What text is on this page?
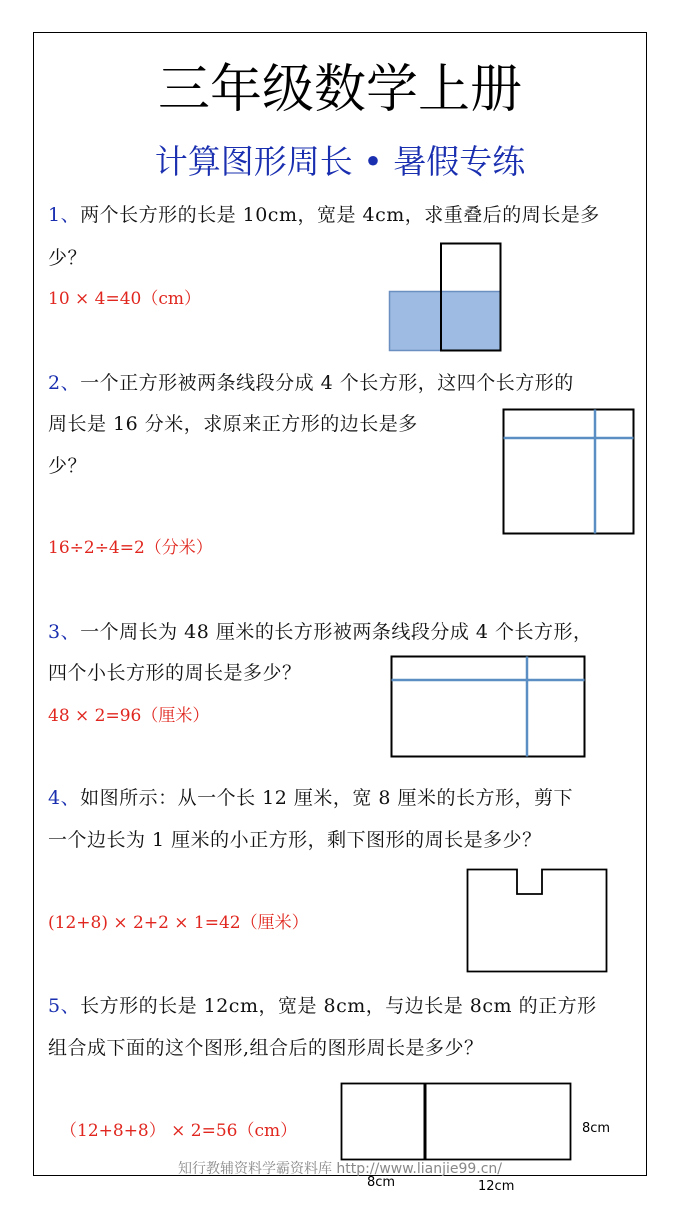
三年级数学上册
计算图形周长 • 暑假专练
1、两个长方形的长是 10cm，宽是 4cm，求重叠后的周长是多
少？
10 × 4=40（cm）
2、一个正方形被两条线段分成 4 个长方形，这四个长方形的
周长是 16 分米，求原来正方形的边长是多
少？
16÷2÷4=2（分米）
3、一个周长为 48 厘米的长方形被两条线段分成 4 个长方形，
四个小长方形的周长是多少？
48 × 2=96（厘米）
4、如图所示：从一个长 12 厘米，宽 8 厘米的长方形，剪下
一个边长为 1 厘米的小正方形，剩下图形的周长是多少？
(12+8) × 2+2 × 1=42（厘米）
5、长方形的长是 12cm，宽是 8cm，与边长是 8cm 的正方形
组合成下面的这个图形,组合后的图形周长是多少？
（12+8+8） × 2=56（cm）	8cm
8cm	12cm
知行教辅资料学霸资料库 http://www.lianjie99.cn/
